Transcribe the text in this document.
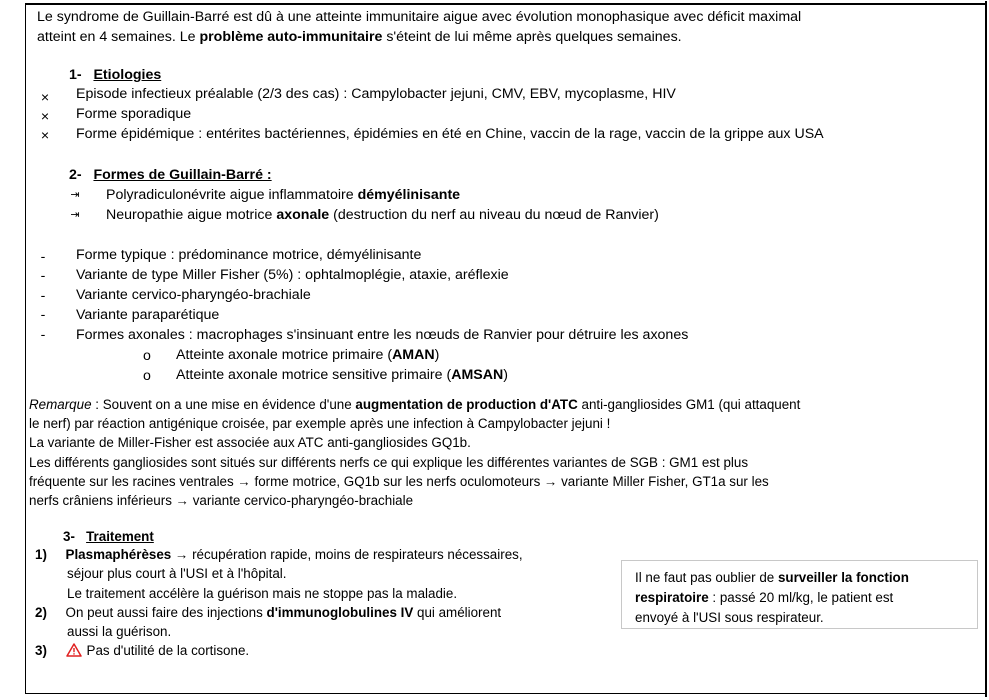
Le syndrome de Guillain-Barré est dû à une atteinte immunitaire aigue avec évolution monophasique avec déficit maximal
atteint en 4 semaines. Le problème auto-immunitaire s'éteint de lui même après quelques semaines.
1- Etiologies
×
×
×
Episode infectieux préalable (2/3 des cas) : Campylobacter jejuni, CMV, EBV, mycoplasme, HIV
Forme sporadique
Forme épidémique : entérites bactériennes, épidémies en été en Chine, vaccin de la rage, vaccin de la grippe aux USA
2- Formes de Guillain-Barré :
⇥
⇥
Polyradiculonévrite aigue inflammatoire démyélinisante
Neuropathie aigue motrice axonale (destruction du nerf au niveau du nœud de Ranvier)
-
-
-
-
-
Forme typique : prédominance motrice, démyélinisante
Variante de type Miller Fisher (5%) : ophtalmoplégie, ataxie, aréflexie
Variante cervico-pharyngéo-brachiale
Variante paraparétique
Formes axonales : macrophages s'insinuant entre les nœuds de Ranvier pour détruire les axones
o
o
Atteinte axonale motrice primaire (AMAN)
Atteinte axonale motrice sensitive primaire (AMSAN)
Remarque : Souvent on a une mise en évidence d'une augmentation de production d'ATC anti-gangliosides GM1 (qui attaquent
le nerf) par réaction antigénique croisée, par exemple après une infection à Campylobacter jejuni !
La variante de Miller-Fisher est associée aux ATC anti-gangliosides GQ1b.
Les différents gangliosides sont situés sur différents nerfs ce qui explique les différentes variantes de SGB : GM1 est plus
fréquente sur les racines ventrales → forme motrice, GQ1b sur les nerfs oculomoteurs → variante Miller Fisher, GT1a sur les
nerfs crâniens inférieurs → variante cervico-pharyngéo-brachiale
3- Traitement
1) Plasmaphérèses → récupération rapide, moins de respirateurs nécessaires,
séjour plus court à l'USI et à l'hôpital.
Le traitement accélère la guérison mais ne stoppe pas la maladie.
2) On peut aussi faire des injections d'immunoglobulines IV qui améliorent
aussi la guérison.
3)	Pas d'utilité de la cortisone.
Il ne faut pas oublier de surveiller la fonction
respiratoire : passé 20 ml/kg, le patient est
envoyé à l'USI sous respirateur.
